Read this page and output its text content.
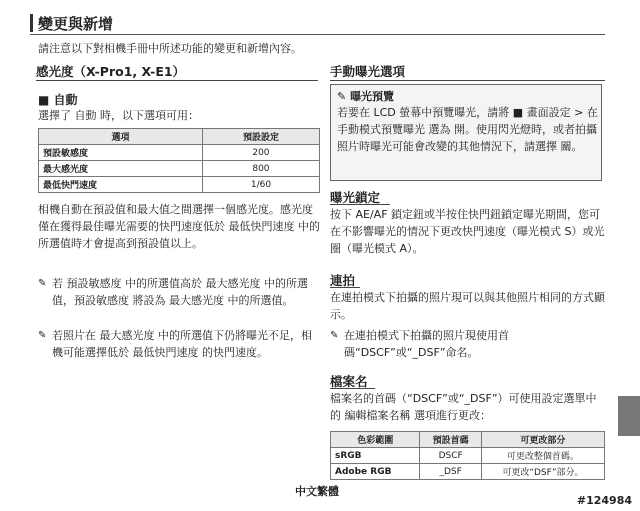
變更與新增
請注意以下對相機手冊中所述功能的變更和新增內容。
感光度（X-Pro1, X-E1）
■ 自動
選擇了 自動 時，以下選項可用：
選項	預設設定
預設敏感度	200
最大感光度	800
最低快門速度	1/60
相機自動在預設值和最大值之間選擇一個感光度。感光度僅在獲得最佳曝光需要的快門速度低於 最低快門速度 中的所選值時才會提高到預設值以上。
✎ 若 預設敏感度 中的所選值高於 最大感光度 中的所選值，預設敏感度 將設為 最大感光度 中的所選值。
✎ 若照片在 最大感光度 中的所選值下仍將曝光不足，相機可能選擇低於 最低快門速度 的快門速度。
手動曝光選項
✎ 曝光預覽
若要在 LCD 螢幕中預覽曝光，請將 ■ 畫面設定 > 在手動模式預覽曝光 選為 開。使用閃光燈時，或者拍攝照片時曝光可能會改變的其他情況下，請選擇 關。
曝光鎖定
按下 AE/AF 鎖定鈕或半按住快門鈕鎖定曝光期間，您可在不影響曝光的情況下更改快門速度（曝光模式 S）或光圈（曝光模式 A）。
連拍
在連拍模式下拍攝的照片現可以與其他照片相同的方式顯示。
✎ 在連拍模式下拍攝的照片現使用首碼“DSCF”或“_DSF”命名。
檔案名
檔案名的首碼（“DSCF”或“_DSF”）可使用設定選單中的 編輯檔案名稱 選項進行更改：
色彩範圍	預設首碼	可更改部分
sRGB	DSCF	可更改整個首碼。
Adobe RGB	_DSF	可更改“DSF”部分。
中文繁體
#124984
